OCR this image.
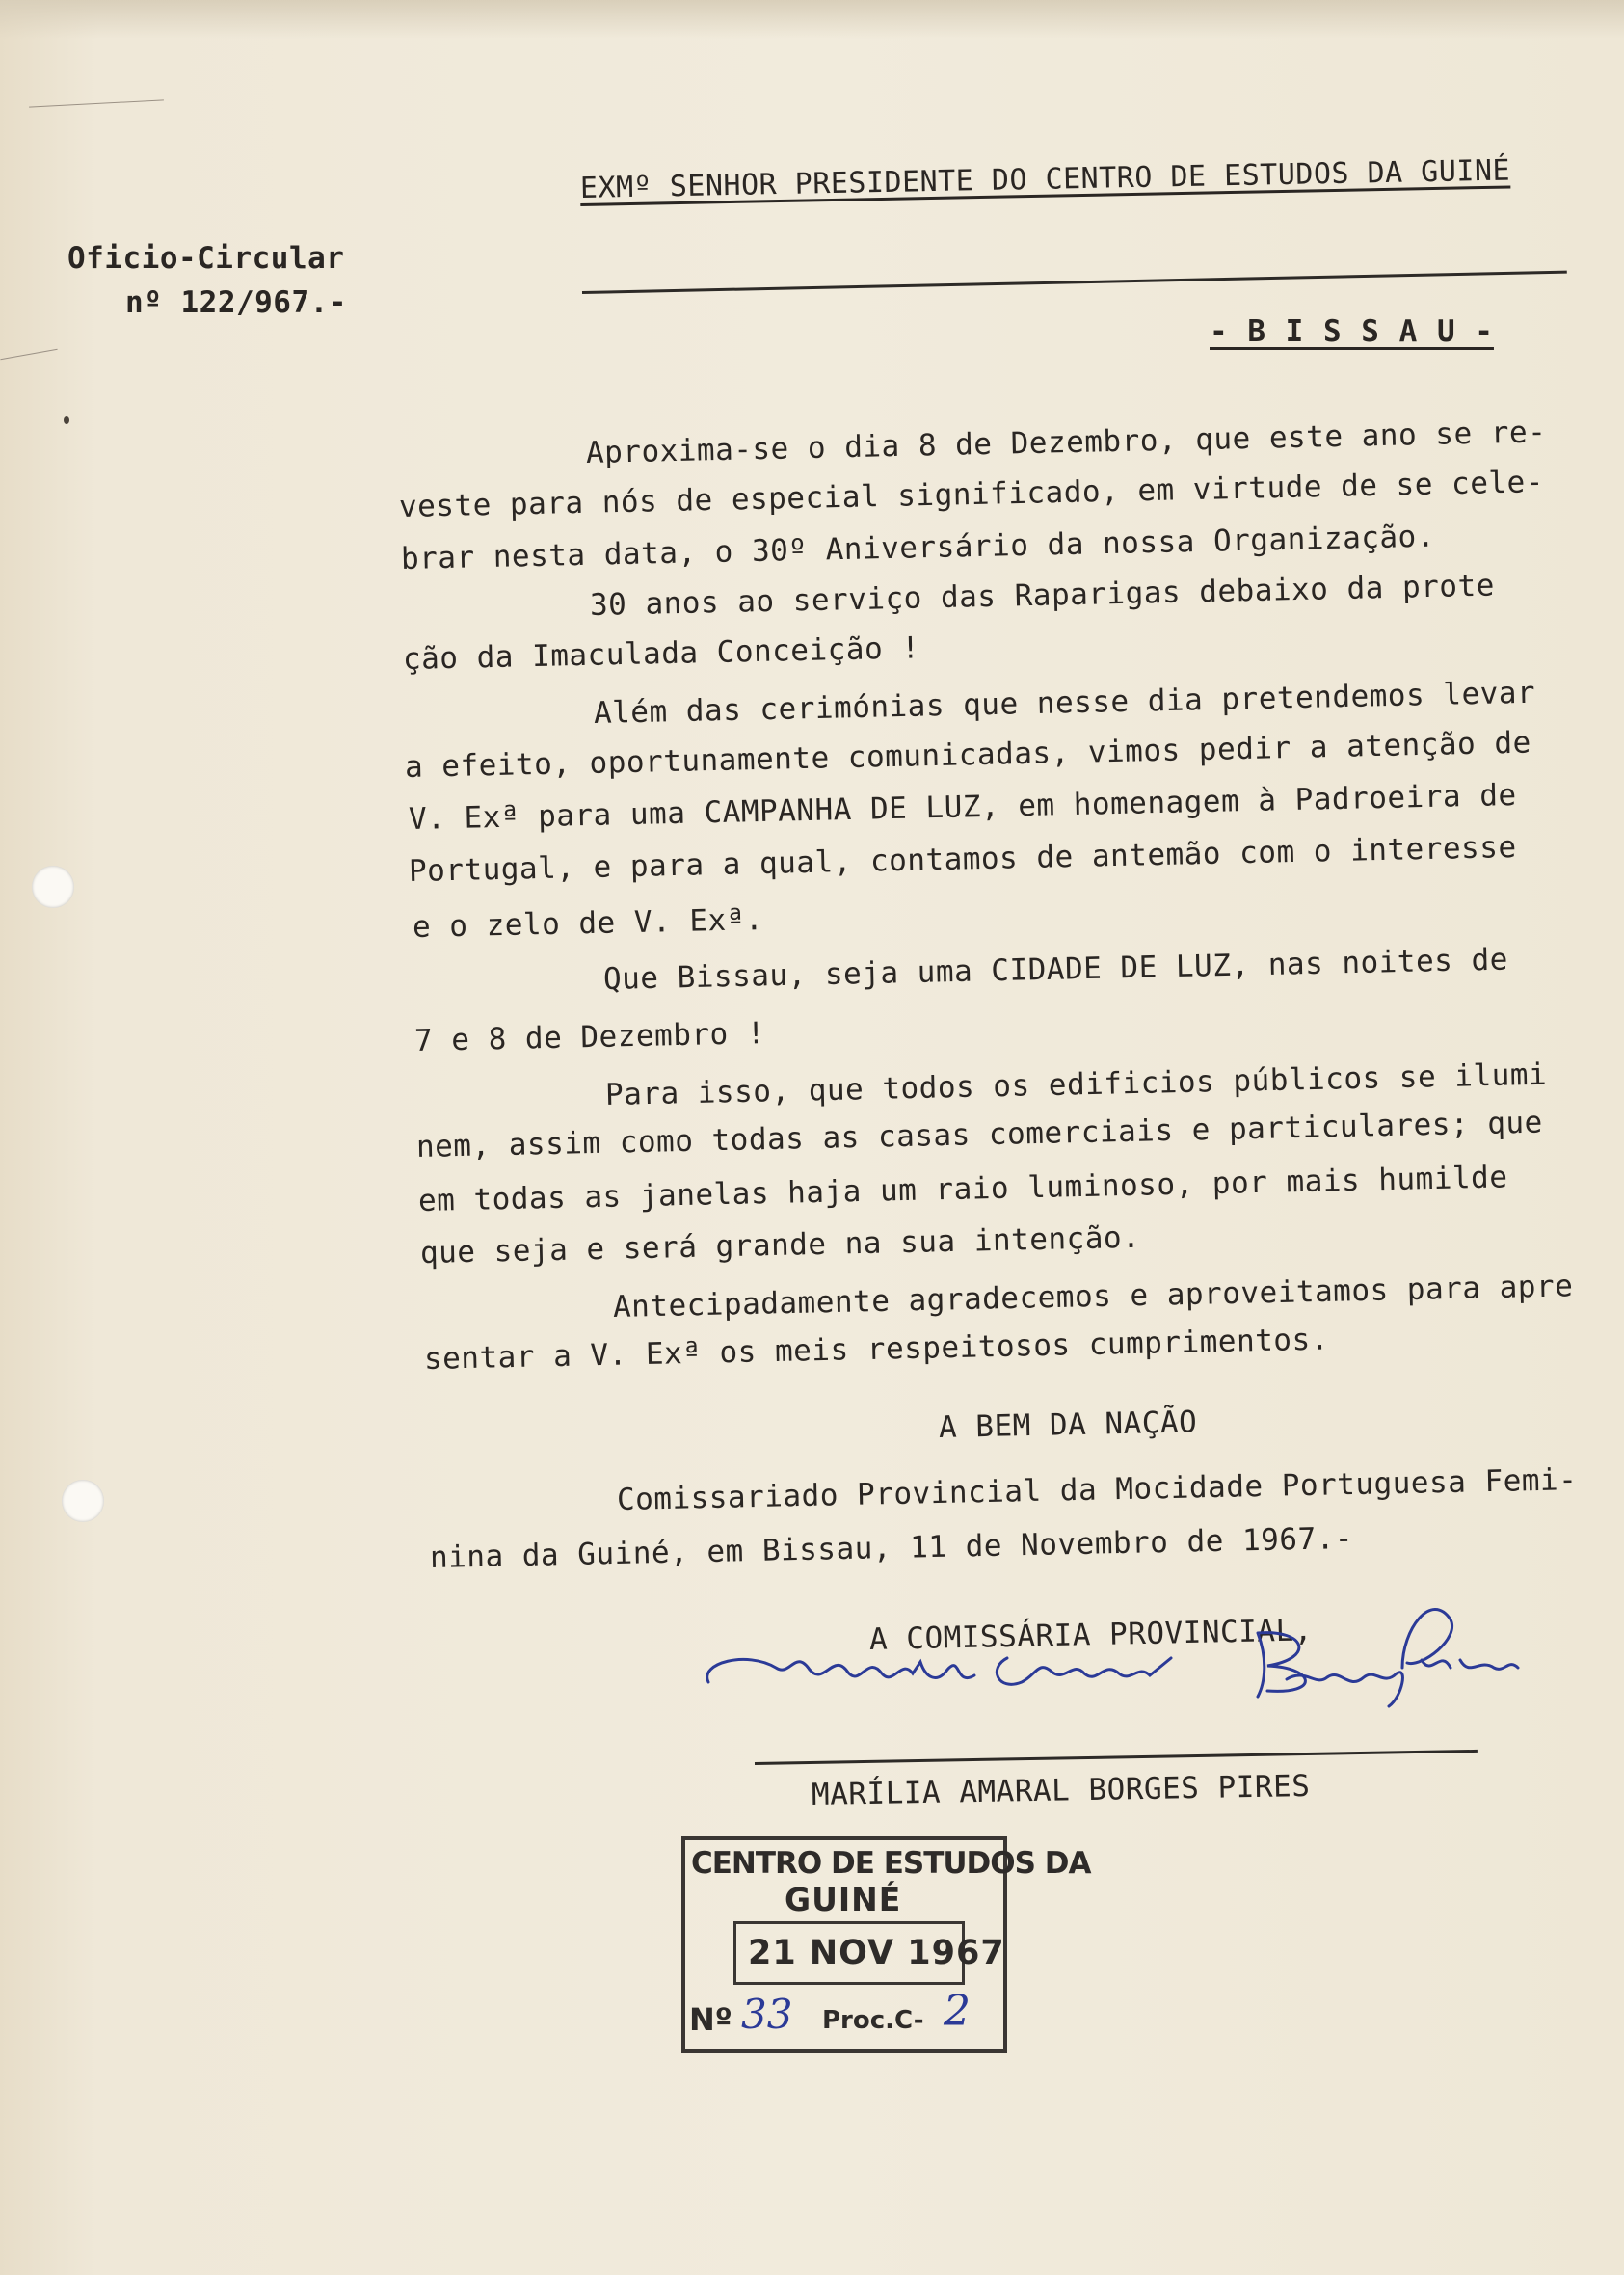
Oficio-Circular
nº 122/967.-
EXMº SENHOR PRESIDENTE DO CENTRO DE ESTUDOS DA GUINÉ
- B I S S A U -
Aproxima-se o dia 8 de Dezembro, que este ano se re-
veste para nós de especial significado, em virtude de se cele-
brar nesta data, o 30º Aniversário da nossa Organização.
30 anos ao serviço das Raparigas debaixo da prote
ção da Imaculada Conceição !
Além das cerimónias que nesse dia pretendemos levar
a efeito, oportunamente comunicadas, vimos pedir a atenção de
V. Exª para uma CAMPANHA DE LUZ, em homenagem à Padroeira de
Portugal, e para a qual, contamos de antemão com o interesse
e o zelo de V. Exª.
Que Bissau, seja uma CIDADE DE LUZ, nas noites de
7 e 8 de Dezembro !
Para isso, que todos os edificios públicos se ilumi
nem, assim como todas as casas comerciais e particulares; que
em todas as janelas haja um raio luminoso, por mais humilde
que seja e será grande na sua intenção.
Antecipadamente agradecemos e aproveitamos para apre
sentar a V. Exª os meis respeitosos cumprimentos.
A BEM DA NAÇÃO
Comissariado Provincial da Mocidade Portuguesa Femi-
nina da Guiné, em Bissau, 11 de Novembro de 1967.-
A COMISSÁRIA PROVINCIAL,
MARÍLIA AMARAL BORGES PIRES
CENTRO DE ESTUDOS DA
GUINÉ
21 NOV 1967
Nº 33 Proc.C- 2
